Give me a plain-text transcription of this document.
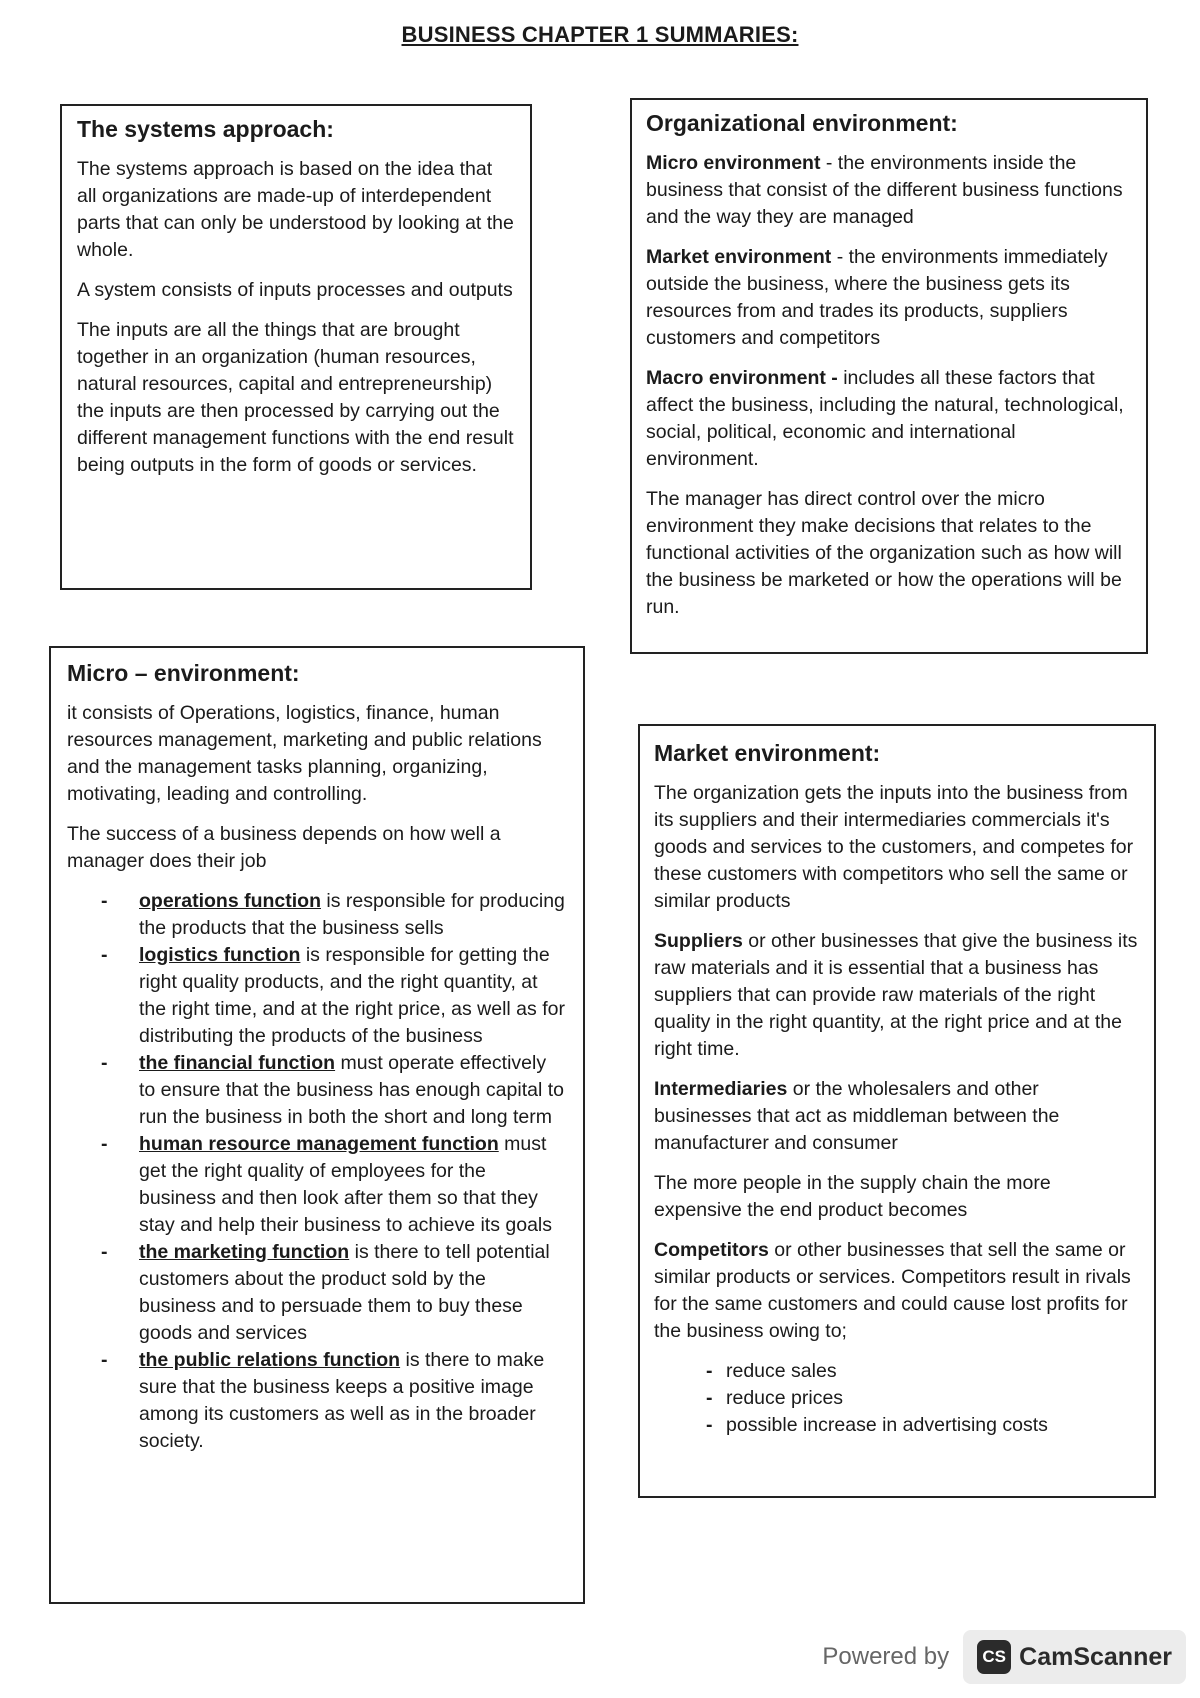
BUSINESS CHAPTER 1 SUMMARIES:
The systems approach:

The systems approach is based on the idea that all organizations are made-up of interdependent parts that can only be understood by looking at the whole.

A system consists of inputs processes and outputs

The inputs are all the things that are brought together in an organization (human resources, natural resources, capital and entrepreneurship) the inputs are then processed by carrying out the different management functions with the end result being outputs in the form of goods or services.

Organizational environment:

Micro environment - the environments inside the business that consist of the different business functions and the way they are managed

Market environment - the environments immediately outside the business, where the business gets its resources from and trades its products, suppliers customers and competitors

Macro environment - includes all these factors that affect the business, including the natural, technological, social, political, economic and international environment.

The manager has direct control over the micro environment they make decisions that relates to the functional activities of the organization such as how will the business be marketed or how the operations will be run.

Micro – environment:

it consists of Operations, logistics, finance, human resources management, marketing and public relations and the management tasks planning, organizing, motivating, leading and controlling.

The success of a business depends on how well a manager does their job

- operations function is responsible for producing the products that the business sells
- logistics function is responsible for getting the right quality products, and the right quantity, at the right time, and at the right price, as well as for distributing the products of the business
- the financial function must operate effectively to ensure that the business has enough capital to run the business in both the short and long term
- human resource management function must get the right quality of employees for the business and then look after them so that they stay and help their business to achieve its goals
- the marketing function is there to tell potential customers about the product sold by the business and to persuade them to buy these goods and services
- the public relations function is there to make sure that the business keeps a positive image among its customers as well as in the broader society.
Market environment:

The organization gets the inputs into the business from its suppliers and their intermediaries commercials it's goods and services to the customers, and competes for these customers with competitors who sell the same or similar products

Suppliers or other businesses that give the business its raw materials and it is essential that a business has suppliers that can provide raw materials of the right quality in the right quantity, at the right price and at the right time.

Intermediaries or the wholesalers and other businesses that act as middleman between the manufacturer and consumer

The more people in the supply chain the more expensive the end product becomes

Competitors or other businesses that sell the same or similar products or services. Competitors result in rivals for the same customers and could cause lost profits for the business owing to;

- reduce sales
- reduce prices
- possible increase in advertising costs
Powered by	CS CamScanner
